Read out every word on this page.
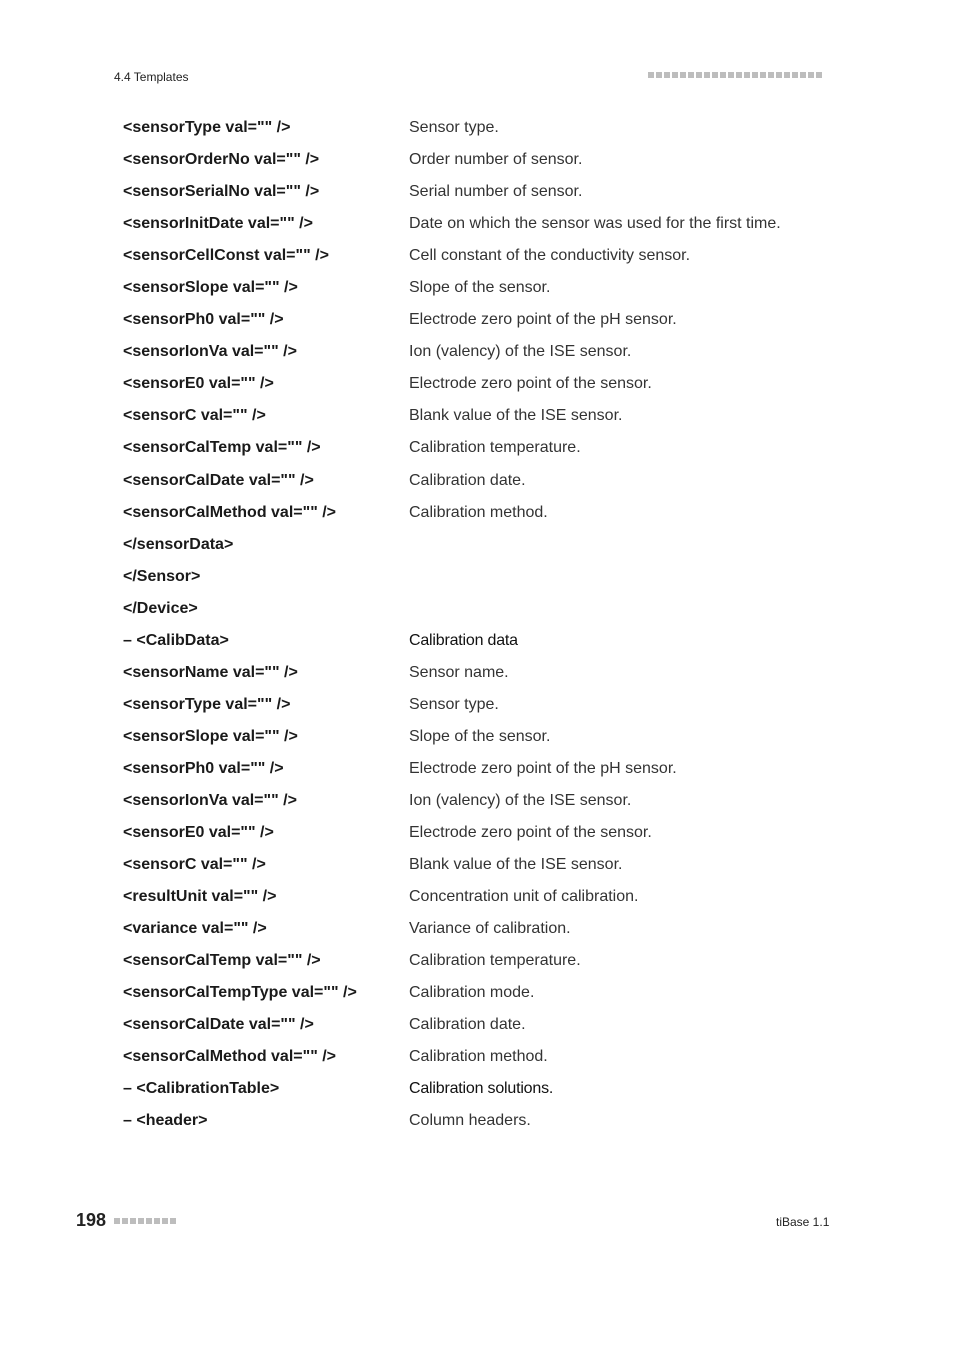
4.4 Templates
<sensorType val="" />	Sensor type.
<sensorOrderNo val="" />	Order number of sensor.
<sensorSerialNo val="" />	Serial number of sensor.
<sensorInitDate val="" />	Date on which the sensor was used for the first time.
<sensorCellConst val="" />	Cell constant of the conductivity sensor.
<sensorSlope val="" />	Slope of the sensor.
<sensorPh0 val="" />	Electrode zero point of the pH sensor.
<sensorIonVa val="" />	Ion (valency) of the ISE sensor.
<sensorE0 val="" />	Electrode zero point of the sensor.
<sensorC val="" />	Blank value of the ISE sensor.
<sensorCalTemp val="" />	Calibration temperature.
<sensorCalDate val="" />	Calibration date.
<sensorCalMethod val="" />	Calibration method.
</sensorData>
</Sensor>
</Device>
– <CalibData>	Calibration data
<sensorName val="" />	Sensor name.
<sensorType val="" />	Sensor type.
<sensorSlope val="" />	Slope of the sensor.
<sensorPh0 val="" />	Electrode zero point of the pH sensor.
<sensorIonVa val="" />	Ion (valency) of the ISE sensor.
<sensorE0 val="" />	Electrode zero point of the sensor.
<sensorC val="" />	Blank value of the ISE sensor.
<resultUnit val="" />	Concentration unit of calibration.
<variance val="" />	Variance of calibration.
<sensorCalTemp val="" />	Calibration temperature.
<sensorCalTempType val="" />	Calibration mode.
<sensorCalDate val="" />	Calibration date.
<sensorCalMethod val="" />	Calibration method.
– <CalibrationTable>	Calibration solutions.
– <header>	Column headers.
198	tiBase 1.1
